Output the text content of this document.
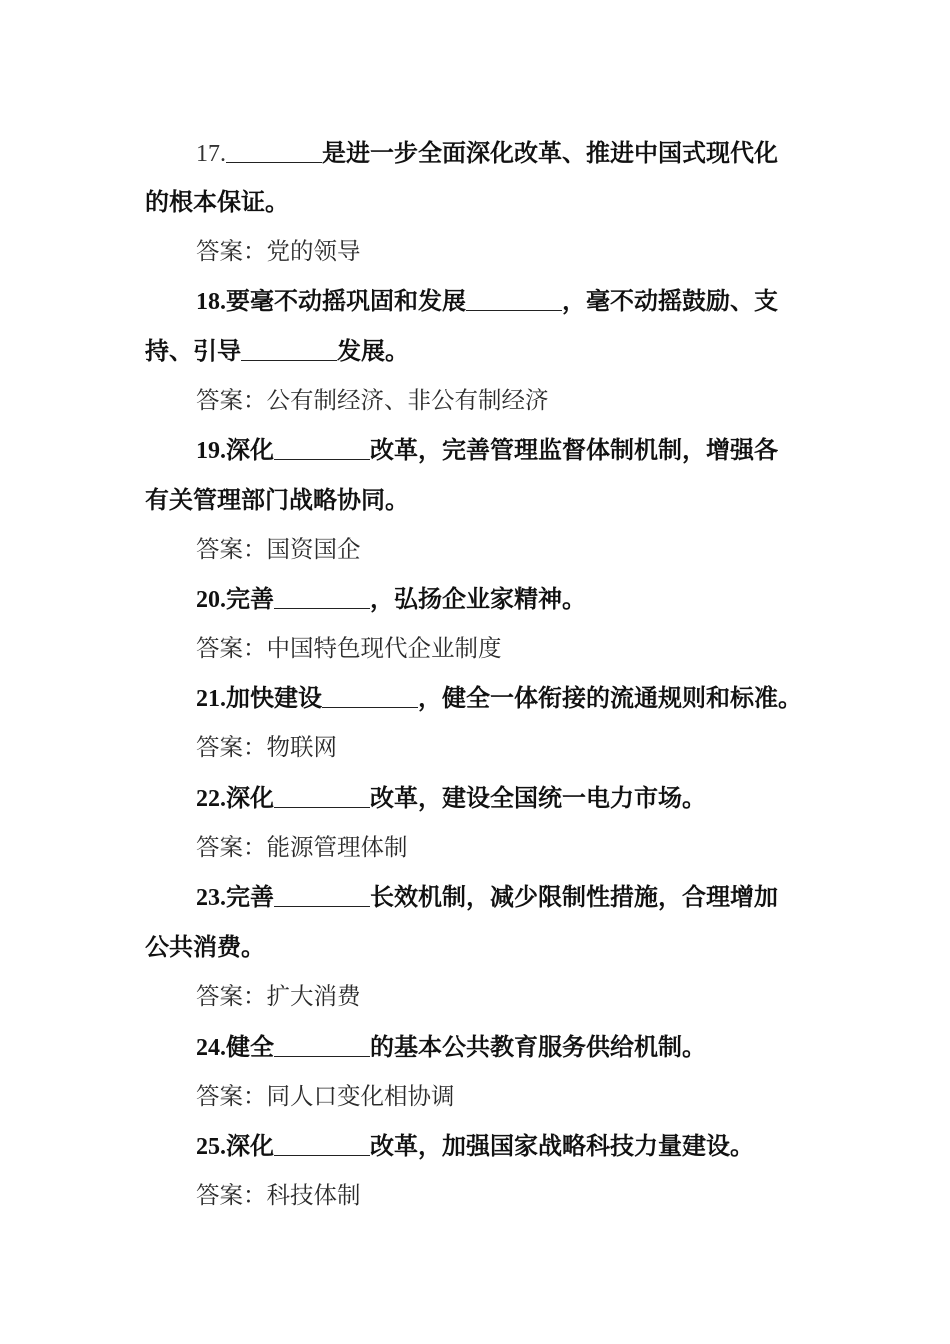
17.	是进一步全面深化改革、推进中国式现代化
的根本保证。
答案：党的领导
18.要毫不动摇巩固和发展	，毫不动摇鼓励、支
持、引导	发展。
答案：公有制经济、非公有制经济
19.深化	改革，完善管理监督体制机制，增强各
有关管理部门战略协同。
答案：国资国企
20.完善	，弘扬企业家精神。
答案：中国特色现代企业制度
21.加快建设	，健全一体衔接的流通规则和标准。
答案：物联网
22.深化	改革，建设全国统一电力市场。
答案：能源管理体制
23.完善	长效机制，减少限制性措施，合理增加
公共消费。
答案：扩大消费
24.健全	的基本公共教育服务供给机制。
答案：同人口变化相协调
25.深化	改革，加强国家战略科技力量建设。
答案：科技体制
